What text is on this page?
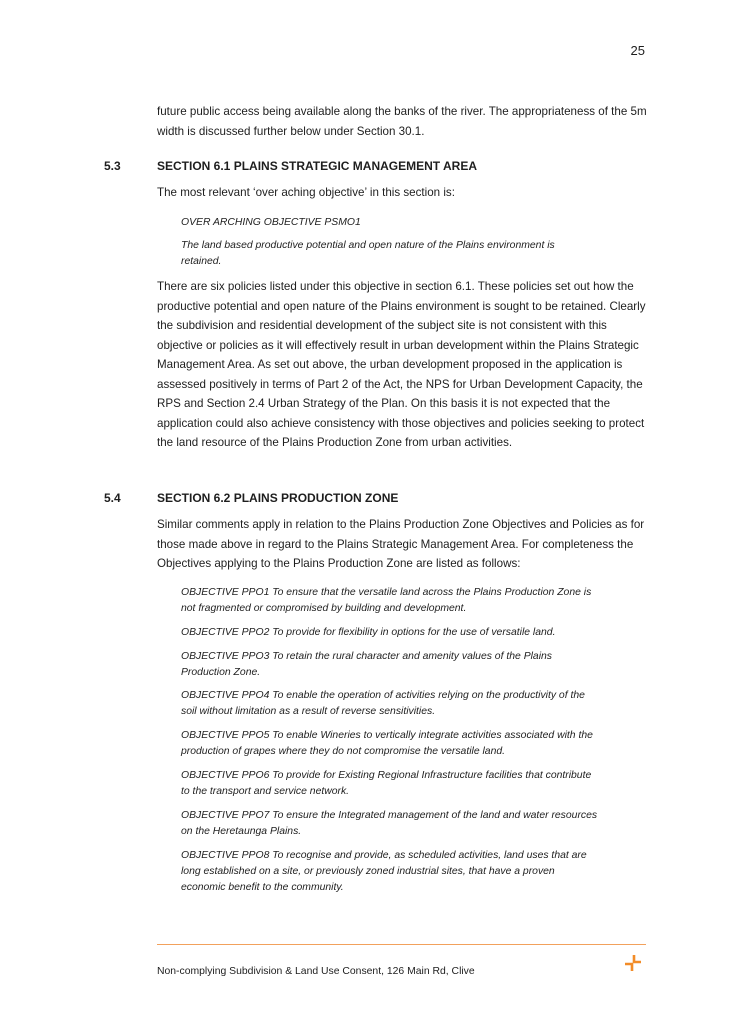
25

future public access being available along the banks of the river. The appropriateness of the 5m width is discussed further below under Section 30.1.

5.3	SECTION 6.1 PLAINS STRATEGIC MANAGEMENT AREA

The most relevant ‘over aching objective’ in this section is:

OVER ARCHING OBJECTIVE PSMO1

The land based productive potential and open nature of the Plains environment is retained.

There are six policies listed under this objective in section 6.1. These policies set out how the productive potential and open nature of the Plains environment is sought to be retained. Clearly the subdivision and residential development of the subject site is not consistent with this objective or policies as it will effectively result in urban development within the Plains Strategic Management Area. As set out above, the urban development proposed in the application is assessed positively in terms of Part 2 of the Act, the NPS for Urban Development Capacity, the RPS and Section 2.4 Urban Strategy of the Plan. On this basis it is not expected that the application could also achieve consistency with those objectives and policies seeking to protect the land resource of the Plains Production Zone from urban activities.

5.4	SECTION 6.2 PLAINS PRODUCTION ZONE

Similar comments apply in relation to the Plains Production Zone Objectives and Policies as for those made above in regard to the Plains Strategic Management Area. For completeness the Objectives applying to the Plains Production Zone are listed as follows:

OBJECTIVE PPO1 To ensure that the versatile land across the Plains Production Zone is not fragmented or compromised by building and development.

OBJECTIVE PPO2 To provide for flexibility in options for the use of versatile land.

OBJECTIVE PPO3 To retain the rural character and amenity values of the Plains Production Zone.

OBJECTIVE PPO4 To enable the operation of activities relying on the productivity of the soil without limitation as a result of reverse sensitivities.

OBJECTIVE PPO5 To enable Wineries to vertically integrate activities associated with the production of grapes where they do not compromise the versatile land.

OBJECTIVE PPO6 To provide for Existing Regional Infrastructure facilities that contribute to the transport and service network.

OBJECTIVE PPO7 To ensure the Integrated management of the land and water resources on the Heretaunga Plains.

OBJECTIVE PPO8 To recognise and provide, as scheduled activities, land uses that are long established on a site, or previously zoned industrial sites, that have a proven economic benefit to the community.

Non-complying Subdivision & Land Use Consent, 126 Main Rd, Clive
